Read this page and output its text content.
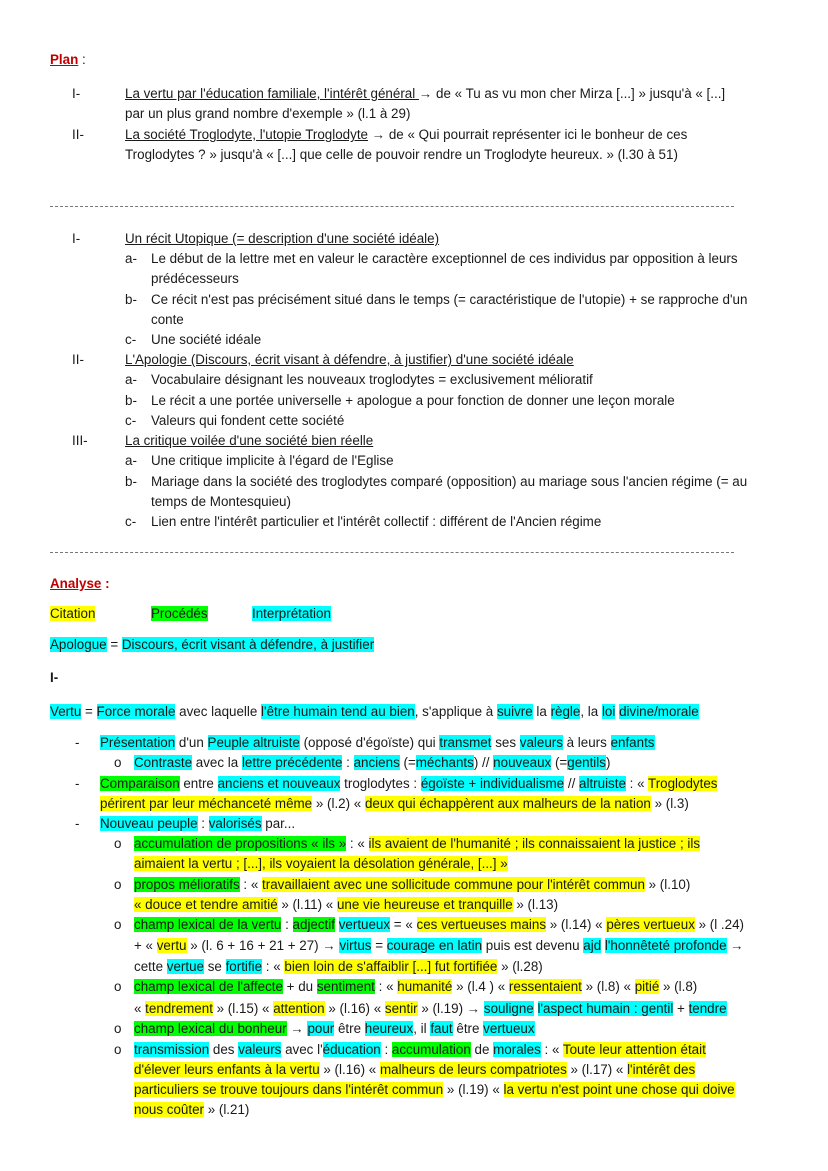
Plan :
I-	La vertu par l'éducation familiale, l'intérêt général → de « Tu as vu mon cher Mirza [...] » jusqu'à « [...]
par un plus grand nombre d'exemple » (l.1 à 29)
II-	La société Troglodyte, l'utopie Troglodyte → de « Qui pourrait représenter ici le bonheur de ces
Troglodytes ? » jusqu'à « [...] que celle de pouvoir rendre un Troglodyte heureux. » (l.30 à 51)
I-	Un récit Utopique (= description d'une société idéale)
a- Le début de la lettre met en valeur le caractère exceptionnel de ces individus par opposition à leurs
prédécesseurs
b- Ce récit n'est pas précisément situé dans le temps (= caractéristique de l'utopie) + se rapproche d'un
conte
c- Une société idéale
II-	L'Apologie (Discours, écrit visant à défendre, à justifier) d'une société idéale
a- Vocabulaire désignant les nouveaux troglodytes = exclusivement mélioratif
b- Le récit a une portée universelle + apologue a pour fonction de donner une leçon morale
c- Valeurs qui fondent cette société
III-	La critique voilée d'une société bien réelle
a- Une critique implicite à l'égard de l'Eglise
b- Mariage dans la société des troglodytes comparé (opposition) au mariage sous l'ancien régime (= au
temps de Montesquieu)
c- Lien entre l'intérêt particulier et l'intérêt collectif : différent de l'Ancien régime
Analyse :
Citation	Procédés	Interprétation
Apologue = Discours, écrit visant à défendre, à justifier
I-
Vertu = Force morale avec laquelle l'être humain tend au bien, s'applique à suivre la règle, la loi divine/morale
- Présentation d'un Peuple altruiste (opposé d'égoïste) qui transmet ses valeurs à leurs enfants
o Contraste avec la lettre précédente : anciens (=méchants) // nouveaux (=gentils)
- Comparaison entre anciens et nouveaux troglodytes : égoïste + individualisme // altruiste : « Troglodytes
périrent par leur méchanceté même » (l.2) « deux qui échappèrent aux malheurs de la nation » (l.3)
- Nouveau peuple : valorisés par...
o accumulation de propositions « ils » : « ils avaient de l'humanité ; ils connaissaient la justice ; ils
aimaient la vertu ; [...], ils voyaient la désolation générale, [...] »
o propos mélioratifs : « travaillaient avec une sollicitude commune pour l'intérêt commun » (l.10)
« douce et tendre amitié » (l.11) « une vie heureuse et tranquille » (l.13)
o champ lexical de la vertu : adjectif vertueux = « ces vertueuses mains » (l.14) « pères vertueux » (l .24)
+ « vertu » (l. 6 + 16 + 21 + 27) → virtus = courage en latin puis est devenu ajd l'honnêteté profonde →
cette vertue se fortifie : « bien loin de s'affaiblir [...] fut fortifiée » (l.28)
o champ lexical de l'affecte + du sentiment : « humanité » (l.4 ) « ressentaient » (l.8) « pitié » (l.8)
« tendrement » (l.15) « attention » (l.16) « sentir » (l.19) → souligne l'aspect humain : gentil + tendre
o champ lexical du bonheur → pour être heureux, il faut être vertueux
o transmission des valeurs avec l'éducation : accumulation de morales : « Toute leur attention était
d'élever leurs enfants à la vertu » (l.16) « malheurs de leurs compatriotes » (l.17) « l'intérêt des
particuliers se trouve toujours dans l'intérêt commun » (l.19) « la vertu n'est point une chose qui doive
nous coûter » (l.21)
